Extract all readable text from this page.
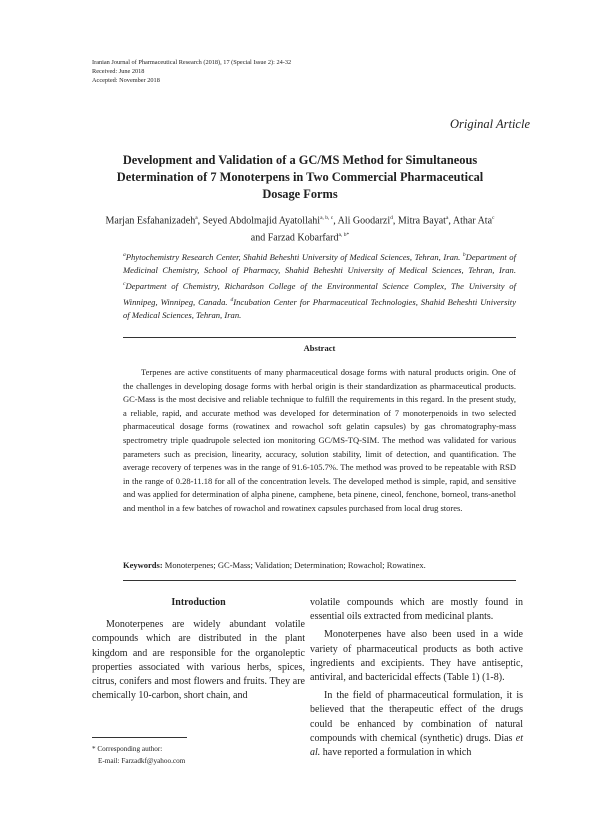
Iranian Journal of Pharmaceutical Research (2018), 17 (Special Issue 2): 24-32
Received: June 2018
Accepted: November 2018
Original Article
Development and Validation of a GC/MS Method for Simultaneous
Determination of 7 Monoterpens in Two Commercial Pharmaceutical
Dosage Forms
Marjan Esfahanizadeh$^a$, Seyed Abdolmajid Ayatollahi$^{a, b, c}$, Ali Goodarzi$^d$, Mitra Bayat$^a$, Athar Ata$^c$
and Farzad Kobarfard$^{a, b*}$
$^a$Phytochemistry Research Center, Shahid Beheshti University of Medical Sciences, Tehran, Iran. $^b$Department of Medicinal Chemistry, School of Pharmacy, Shahid Beheshti University of Medical Sciences, Tehran, Iran. $^c$Department of Chemistry, Richardson College of the Environmental Science Complex, The University of Winnipeg, Winnipeg, Canada. $^d$Incubation Center for Pharmaceutical Technologies, Shahid Beheshti University of Medical Sciences, Tehran, Iran.
Abstract
Terpenes are active constituents of many pharmaceutical dosage forms with natural products origin. One of the challenges in developing dosage forms with herbal origin is their standardization as pharmaceutical products. GC-Mass is the most decisive and reliable technique to fulfill the requirements in this regard. In the present study, a reliable, rapid, and accurate method was developed for determination of 7 monoterpenoids in two selected pharmaceutical dosage forms (rowatinex and rowachol soft gelatin capsules) by gas chromatography-mass spectrometry triple quadrupole selected ion monitoring GC/MS-TQ-SIM. The method was validated for various parameters such as precision, linearity, accuracy, solution stability, limit of detection, and quantification. The average recovery of terpenes was in the range of 91.6-105.7%. The method was proved to be repeatable with RSD in the range of 0.28-11.18 for all of the concentration levels. The developed method is simple, rapid, and sensitive and was applied for determination of alpha pinene, camphene, beta pinene, cineol, fenchone, borneol, trans-anethol and menthol in a few batches of rowachol and rowatinex capsules purchased from local drug stores.
Keywords: Monoterpenes; GC-Mass; Validation; Determination; Rowachol; Rowatinex.
Introduction

Monoterpenes are widely abundant volatile compounds which are distributed in the plant kingdom and are responsible for the organoleptic properties associated with various herbs, spices, citrus, conifers and most flowers and fruits. They are chemically 10-carbon, short chain, and

volatile compounds which are mostly found in essential oils extracted from medicinal plants.

Monoterpenes have also been used in a wide variety of pharmaceutical products as both active ingredients and excipients. They have antiseptic, antiviral, and bactericidal effects (Table 1) (1-8).

In the field of pharmaceutical formulation, it is believed that the therapeutic effect of the drugs could be enhanced by combination of natural compounds with chemical (synthetic) drugs. Dias et al. have reported a formulation in which

* Corresponding author:
E-mail: Farzadkf@yahoo.com
